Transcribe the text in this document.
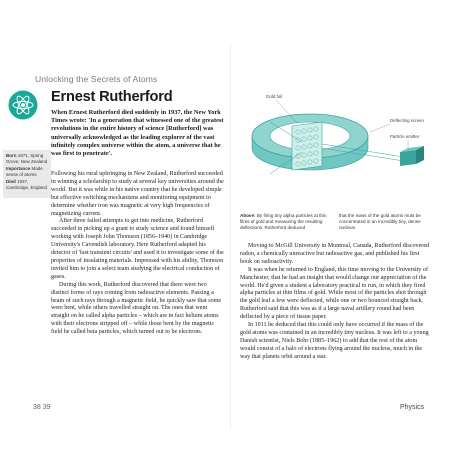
Unlocking the Secrets of Atoms
Ernest Rutherford

When Ernest Rutherford died suddenly in 1937, the New York Times wrote: 'In a generation that witnessed one of the greatest revolutions in the entire history of science [Rutherford] was universally acknowledged as the leading explorer of the vast infinitely complex universe within the atom, a universe that he was first to penetrate'.

Born 1871, Spring Grove, New Zealand
Importance Made sense of atoms
Died 1937, Cambridge, England

Following his rural upbringing in New Zealand, Rutherford succeeded in winning a scholarship to study at several key universities around the world. But it was while in his native country that he developed simple but effective switching mechanisms and monitoring equipment to determine whether iron was magnetic at very high frequencies of magnetizing current.

After three failed attempts to get into medicine, Rutherford succeeded in picking up a grant to study science and found himself working with Joseph John Thomson (1856–1940) in Cambridge University's Cavendish laboratory. Here Rutherford adapted his detector of 'fast transient circuits' and used it to investigate some of the properties of insulating materials. Impressed with his ability, Thomson invited him to join a select team studying the electrical conduction of gases.

During this work, Rutherford discovered that there were two distinct forms of rays coming from radioactive elements. Passing a beam of such rays through a magnetic field, he quickly saw that some were bent, while others travelled straight on. The ones that went straight on he called alpha particles – which are in fact helium atoms with their electrons stripped off – while those bent by the magnetic field he called beta particles, which turned out to be electrons.

Gold foil
Deflecting screen
Particle emitter
Above: By firing tiny alpha particles at thin films of gold and measuring the resulting deflections, Rutherford deduced
that the mass of the gold atoms must be concentrated in an incredibly tiny, dense nucleus.

Moving to McGill University in Montreal, Canada, Rutherford discovered radon, a chemically unreactive but radioactive gas, and published his first book on radioactivity.

It was when he returned to England, this time moving to the University of Manchester, that he had an insight that would change our appreciation of the world. He'd given a student a laboratory practical to run, in which they fired alpha particles at thin films of gold. While most of the particles shot through the gold leaf a few were deflected, while one or two bounced straight back. Rutherford said that this was as if a large naval artillery round had been deflected by a piece of tissue paper.

In 1911 he deduced that this could only have occurred if the mass of the gold atoms was contained in an incredibly tiny nucleus. It was left to a young Danish scientist, Niels Bohr (1885–1962) to add that the rest of the atom would consist of a halo of electrons flying around the nucleus, much in the way that planets orbit around a star.

38 39	Physics
